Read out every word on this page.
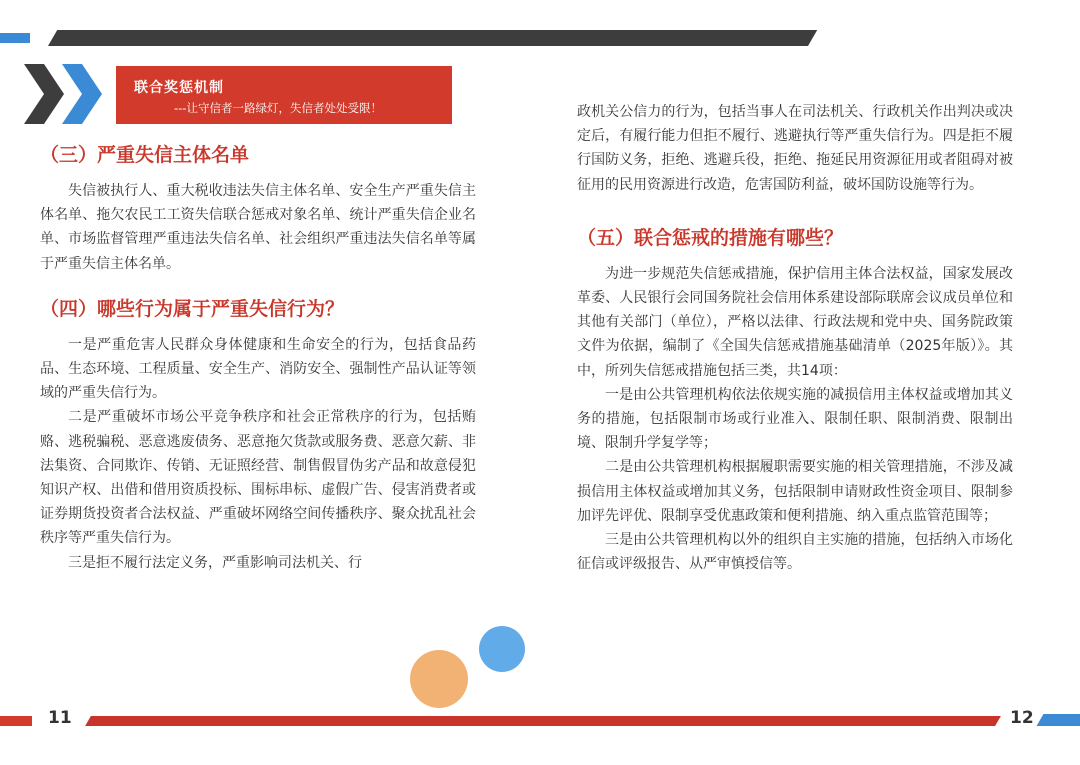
联合奖惩机制
---让守信者一路绿灯，失信者处处受限！
（三）严重失信主体名单

失信被执行人、重大税收违法失信主体名单、安全生产严重失信主体名单、拖欠农民工工资失信联合惩戒对象名单、统计严重失信企业名单、市场监督管理严重违法失信名单、社会组织严重违法失信名单等属于严重失信主体名单。

（四）哪些行为属于严重失信行为？

一是严重危害人民群众身体健康和生命安全的行为，包括食品药品、生态环境、工程质量、安全生产、消防安全、强制性产品认证等领域的严重失信行为。

二是严重破坏市场公平竞争秩序和社会正常秩序的行为，包括贿赂、逃税骗税、恶意逃废债务、恶意拖欠货款或服务费、恶意欠薪、非法集资、合同欺诈、传销、无证照经营、制售假冒伪劣产品和故意侵犯知识产权、出借和借用资质投标、围标串标、虚假广告、侵害消费者或证券期货投资者合法权益、严重破坏网络空间传播秩序、聚众扰乱社会秩序等严重失信行为。

三是拒不履行法定义务，严重影响司法机关、行

政机关公信力的行为，包括当事人在司法机关、行政机关作出判决或决定后，有履行能力但拒不履行、逃避执行等严重失信行为。四是拒不履行国防义务，拒绝、逃避兵役，拒绝、拖延民用资源征用或者阻碍对被征用的民用资源进行改造，危害国防利益，破坏国防设施等行为。

（五）联合惩戒的措施有哪些？

为进一步规范失信惩戒措施，保护信用主体合法权益，国家发展改革委、人民银行会同国务院社会信用体系建设部际联席会议成员单位和其他有关部门（单位），严格以法律、行政法规和党中央、国务院政策文件为依据，编制了《全国失信惩戒措施基础清单（2025年版）》。其中，所列失信惩戒措施包括三类，共14项：

一是由公共管理机构依法依规实施的减损信用主体权益或增加其义务的措施，包括限制市场或行业准入、限制任职、限制消费、限制出境、限制升学复学等；

二是由公共管理机构根据履职需要实施的相关管理措施，不涉及减损信用主体权益或增加其义务，包括限制申请财政性资金项目、限制参加评先评优、限制享受优惠政策和便利措施、纳入重点监管范围等；

三是由公共管理机构以外的组织自主实施的措施，包括纳入市场化征信或评级报告、从严审慎授信等。

11	12
